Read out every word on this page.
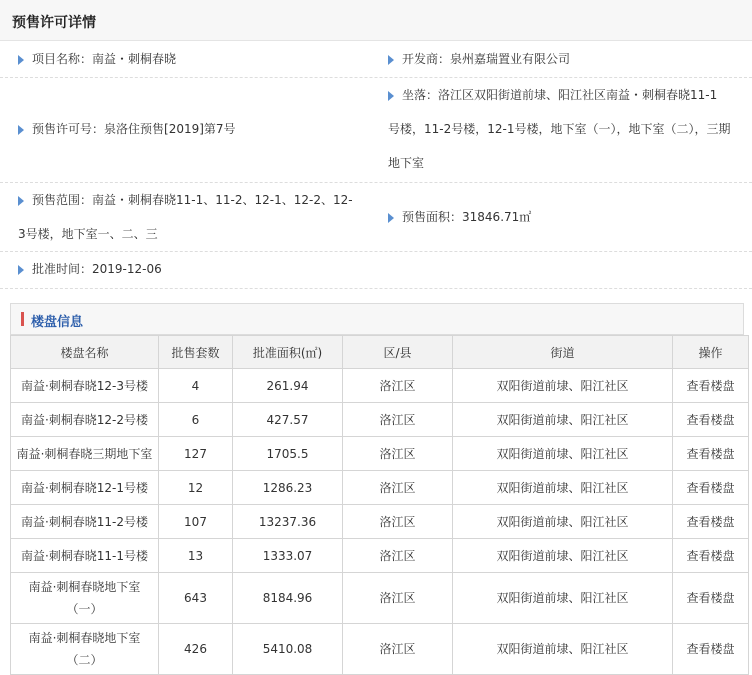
预售许可详情
项目名称：南益・刺桐春晓	开发商：泉州嘉瑞置业有限公司
预售许可号：泉洛住预售[2019]第7号
坐落：洛江区双阳街道前埭、阳江社区南益・刺桐春晓11-1
号楼，11-2号楼，12-1号楼，地下室（一），地下室（二），三期
地下室
预售范围：南益・刺桐春晓11-1、11-2、12-1、12-2、12-
3号楼，地下室一、二、三
预售面积：31846.71㎡
批准时间：2019-12-06
楼盘信息
楼盘名称	批售套数	批准面积(㎡)	区/县	街道	操作
南益·刺桐春晓12-3号楼	4	261.94	洛江区	双阳街道前埭、阳江社区	查看楼盘
南益·刺桐春晓12-2号楼	6	427.57	洛江区	双阳街道前埭、阳江社区	查看楼盘
南益·刺桐春晓三期地下室	127	1705.5	洛江区	双阳街道前埭、阳江社区	查看楼盘
南益·刺桐春晓12-1号楼	12	1286.23	洛江区	双阳街道前埭、阳江社区	查看楼盘
南益·刺桐春晓11-2号楼	107	13237.36	洛江区	双阳街道前埭、阳江社区	查看楼盘
南益·刺桐春晓11-1号楼	13	1333.07	洛江区	双阳街道前埭、阳江社区	查看楼盘

南益·刺桐春晓地下室
（一）	643	8184.96	洛江区	双阳街道前埭、阳江社区	查看楼盘

南益·刺桐春晓地下室
（二）	426	5410.08	洛江区	双阳街道前埭、阳江社区	查看楼盘
